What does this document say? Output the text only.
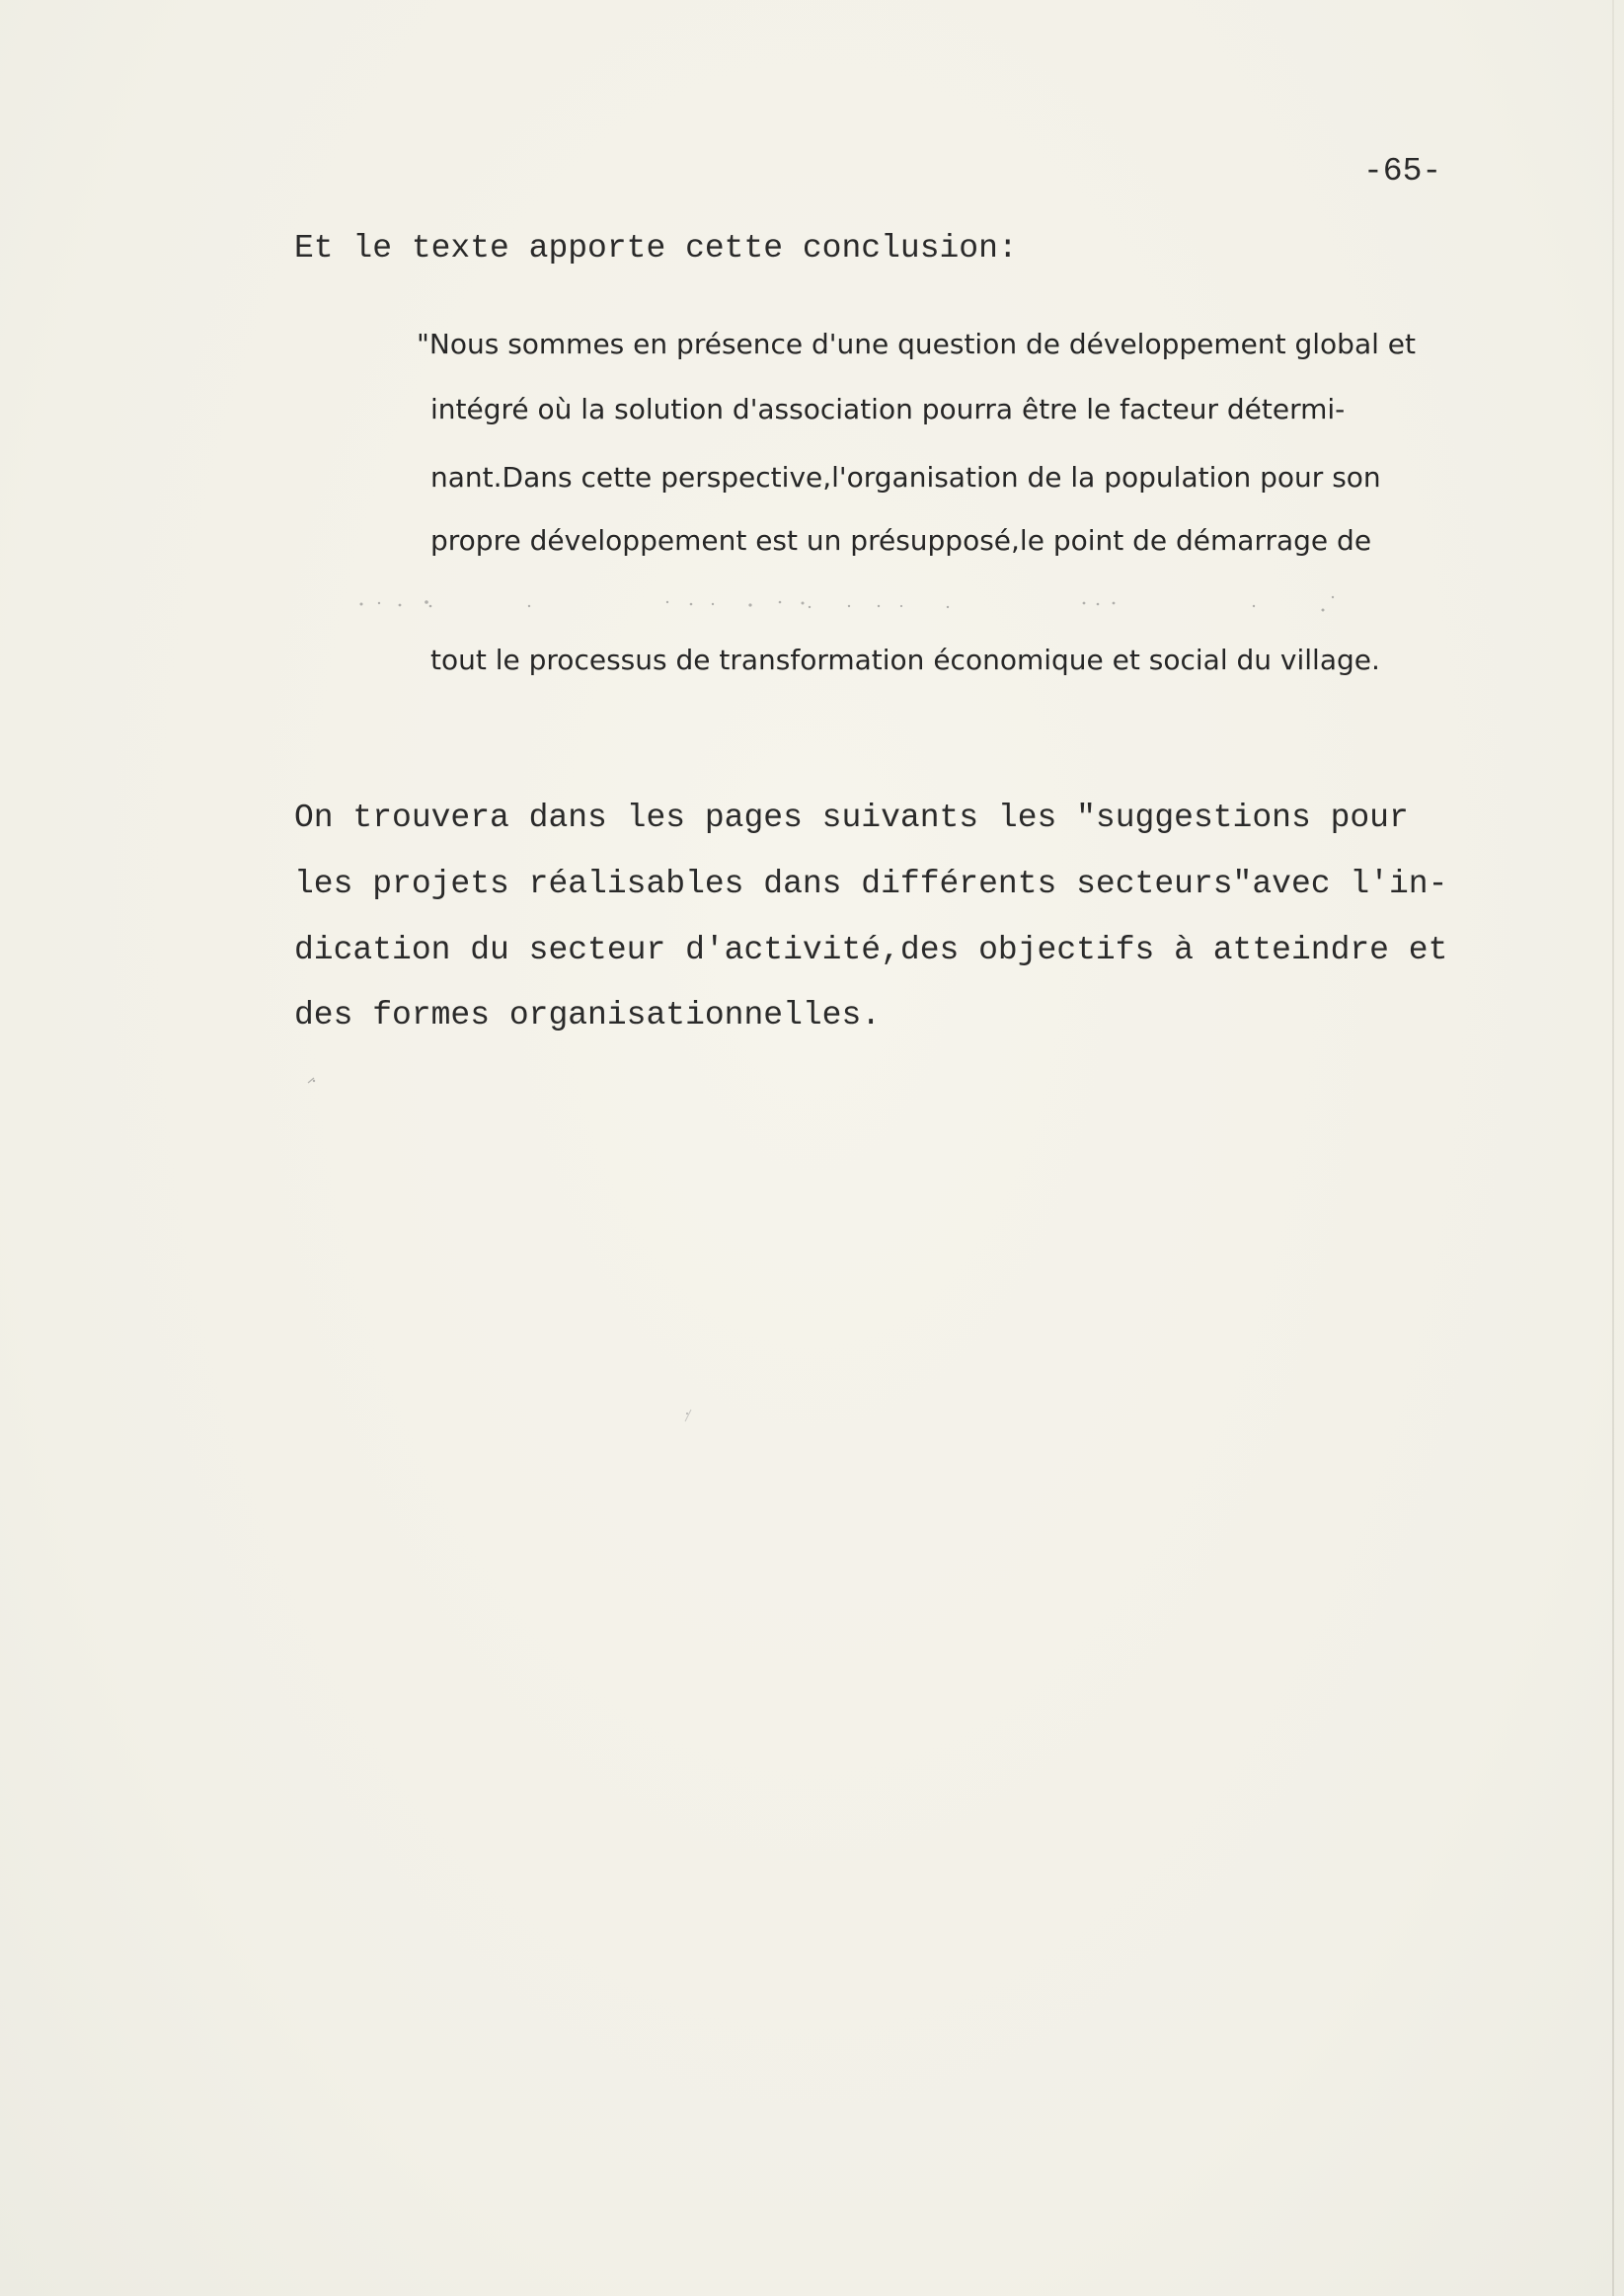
-65-
Et le texte apporte cette conclusion:
"Nous sommes en présence d'une question de développement global et
intégré où la solution d'association pourra être le facteur détermi-
nant.Dans cette perspective,l'organisation de la population pour son
propre développement est un présupposé,le point de démarrage de
tout le processus de transformation économique et social du village.
On trouvera dans les pages suivants les "suggestions pour
les projets réalisables dans différents secteurs"avec l'in-
dication du secteur d'activité,des objectifs à atteindre et
des formes organisationnelles.
